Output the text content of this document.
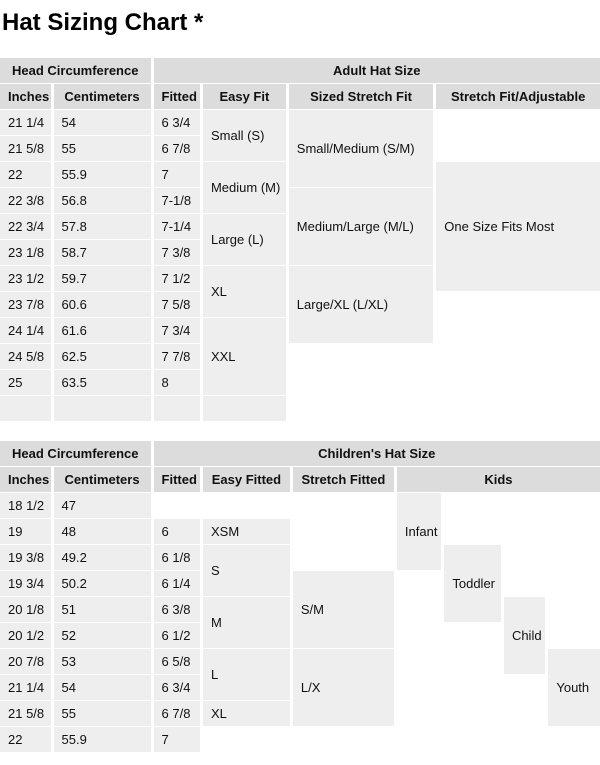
Hat Sizing Chart *
Head Circumference		Adult Hat Size			
Inches	Centimeters	Fitted	Easy Fit	Sized Stretch Fit	Stretch Fit/Adjustable
21 1/4	54	6 3/4	Small (S)	Small/Medium (S/M)	
21 5/8	55	6 7/8			
22	55.9	7	Medium (M)		One Size Fits Most
22 3/8	56.8	7-1/8		Medium/Large (M/L)	
22 3/4	57.8	7-1/4	Large (L)		
23 1/8	58.7	7 3/8			
23 1/2	59.7	7 1/2	XL	Large/XL (L/XL)	
23 7/8	60.6	7 5/8			
24 1/4	61.6	7 3/4	XXL		
24 5/8	62.5	7 7/8			
25	63.5	8			

Head Circumference		Children's Hat Size						
Inches	Centimeters	Fitted	Easy Fitted	Stretch Fitted	Kids			
18 1/2	47				Infant			
19	48	6	XSM					
19 3/8	49.2	6 1/8	S			Toddler		
19 3/4	50.2	6 1/4		S/M				
20 1/8	51	6 3/8	M				Child	
20 1/2	52	6 1/2						
20 7/8	53	6 5/8	L	L/X				Youth
21 1/4	54	6 3/4						
21 5/8	55	6 7/8	XL					
22	55.9	7						
